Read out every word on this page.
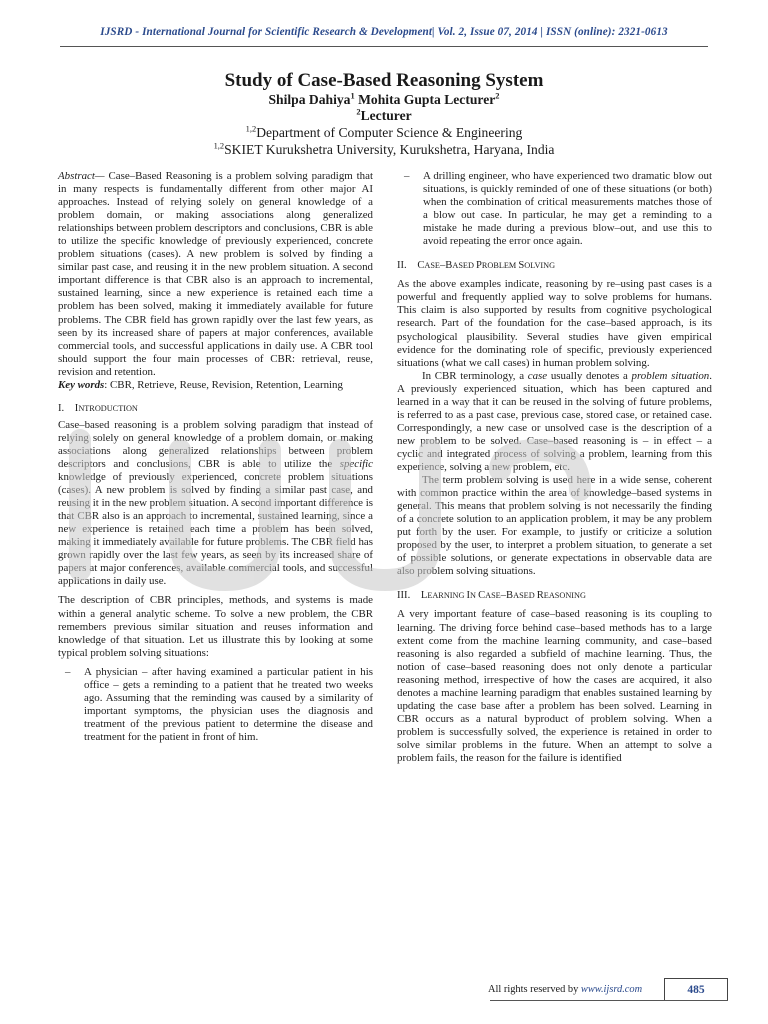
IJSRD - International Journal for Scientific Research & Development| Vol. 2, Issue 07, 2014 | ISSN (online): 2321-0613
Study of Case-Based Reasoning System
Shilpa Dahiya$^1$ Mohita Gupta Lecturer$^2$
$^2$Lecturer
$^{1,2}$Department of Computer Science & Engineering
$^{1,2}$SKIET Kurukshetra University, Kurukshetra, Haryana, India

Abstract— Case–Based Reasoning is a problem solving paradigm that in many respects is fundamentally different from other major AI approaches. Instead of relying solely on general knowledge of a problem domain, or making associations along generalized relationships between problem descriptors and conclusions, CBR is able to utilize the specific knowledge of previously experienced, concrete problem situations (cases). A new problem is solved by finding a similar past case, and reusing it in the new problem situation. A second important difference is that CBR also is an approach to incremental, sustained learning, since a new experience is retained each time a problem has been solved, making it immediately available for future problems. The CBR field has grown rapidly over the last few years, as seen by its increased share of papers at major conferences, available commercial tools, and successful applications in daily use. A CBR tool should support the four main processes of CBR: retrieval, reuse, revision and retention.

Key words: CBR, Retrieve, Reuse, Revision, Retention, Learning

I. INTRODUCTION

Case–based reasoning is a problem solving paradigm that instead of relying solely on general knowledge of a problem domain, or making associations along generalized relationships between problem descriptors and conclusions, CBR is able to utilize the specific knowledge of previously experienced, concrete problem situations (cases). A new problem is solved by finding a similar past case, and reusing it in the new problem situation. A second important difference is that CBR also is an approach to incremental, sustained learning, since a new experience is retained each time a problem has been solved, making it immediately available for future problems. The CBR field has grown rapidly over the last few years, as seen by its increased share of papers at major conferences, available commercial tools, and successful applications in daily use.

The description of CBR principles, methods, and systems is made within a general analytic scheme. To solve a new problem, the CBR remembers previous similar situation and reuses information and knowledge of that situation. Let us illustrate this by looking at some typical problem solving situations:

–	A physician – after having examined a particular patient in his office – gets a reminding to a patient that he treated two weeks ago. Assuming that the reminding was caused by a similarity of important symptoms, the physician uses the diagnosis and treatment of the previous patient to determine the disease and treatment for the patient in front of him.
–	A drilling engineer, who have experienced two dramatic blow out situations, is quickly reminded of one of these situations (or both) when the combination of critical measurements matches those of a blow out case. In particular, he may get a reminding to a mistake he made during a previous blow–out, and use this to avoid repeating the error once again.

II. CASE–BASED PROBLEM SOLVING

As the above examples indicate, reasoning by re–using past cases is a powerful and frequently applied way to solve problems for humans. This claim is also supported by results from cognitive psychological research. Part of the foundation for the case–based approach, is its psychological plausibility. Several studies have given empirical evidence for the dominating role of specific, previously experienced situations (what we call cases) in human problem solving.

In CBR terminology, a case usually denotes a problem situation. A previously experienced situation, which has been captured and learned in a way that it can be reused in the solving of future problems, is referred to as a past case, previous case, stored case, or retained case. Correspondingly, a new case or unsolved case is the description of a new problem to be solved. Case–based reasoning is – in effect – a cyclic and integrated process of solving a problem, learning from this experience, solving a new problem, etc.

The term problem solving is used here in a wide sense, coherent with common practice within the area of knowledge–based systems in general. This means that problem solving is not necessarily the finding of a concrete solution to an application problem, it may be any problem put forth by the user. For example, to justify or criticize a solution proposed by the user, to interpret a problem situation, to generate a set of possible solutions, or generate expectations in observable data are also problem solving situations.

III. LEARNING IN CASE–BASED REASONING

A very important feature of case–based reasoning is its coupling to learning. The driving force behind case–based methods has to a large extent come from the machine learning community, and case–based reasoning is also regarded a subfield of machine learning. Thus, the notion of case–based reasoning does not only denote a particular reasoning method, irrespective of how the cases are acquired, it also denotes a machine learning paradigm that enables sustained learning by updating the case base after a problem has been solved. Learning in CBR occurs as a natural byproduct of problem solving. When a problem is successfully solved, the experience is retained in order to solve similar problems in the future. When an attempt to solve a problem fails, the reason for the failure is identified

All rights reserved by www.ijsrd.com	485
